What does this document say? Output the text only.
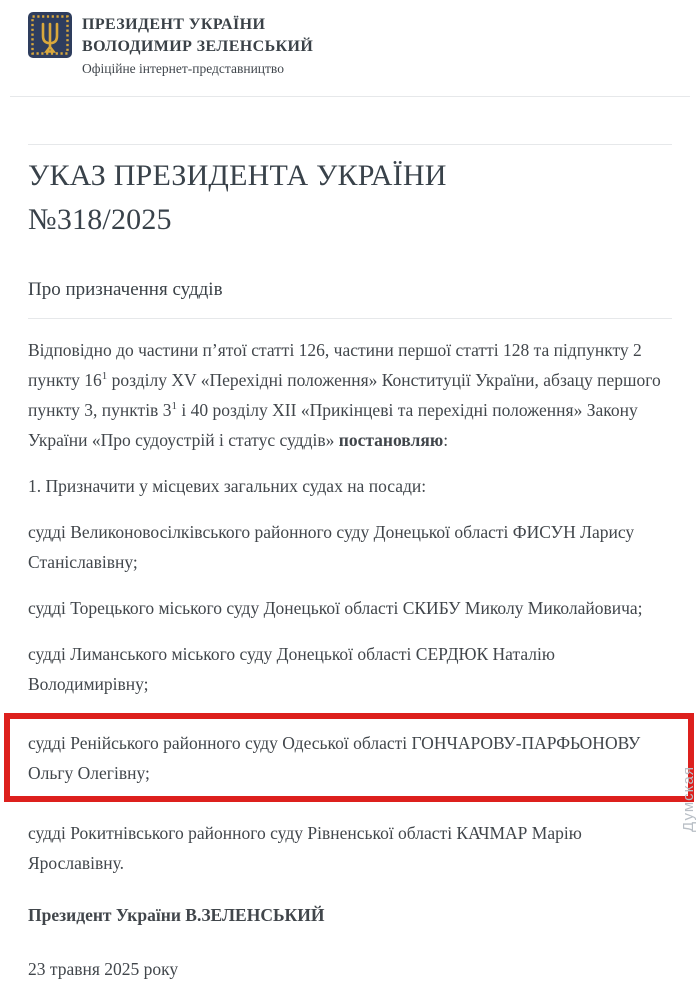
ПРЕЗИДЕНТ УКРАЇНИ
ВОЛОДИМИР ЗЕЛЕНСЬКИЙ
Офіційне інтернет-представництво
УКАЗ ПРЕЗИДЕНТА УКРАЇНИ
№318/2025
Про призначення суддів

Відповідно до частини п’ятої статті 126, частини першої статті 128 та підпункту 2 пункту $16^1$ розділу XV «Перехідні положення» Конституції України, абзацу першого пункту 3, пунктів $3^1$ і 40 розділу XII «Прикінцеві та перехідні положення» Закону України «Про судоустрій і статус суддів» постановляю:

1. Призначити у місцевих загальних судах на посади:

судді Великоновосілківського районного суду Донецької області ФИСУН Ларису Станіславівну;

судді Торецького міського суду Донецької області СКИБУ Миколу Миколайовича;

судді Лиманського міського суду Донецької області СЕРДЮК Наталію Володимирівну;

судді Ренійського районного суду Одеської області ГОНЧАРОВУ-ПАРФЬОНОВУ Ольгу Олегівну;

судді Рокитнівського районного суду Рівненської області КАЧМАР Марію Ярославівну.

Президент України В.ЗЕЛЕНСЬКИЙ

23 травня 2025 року

Думская
